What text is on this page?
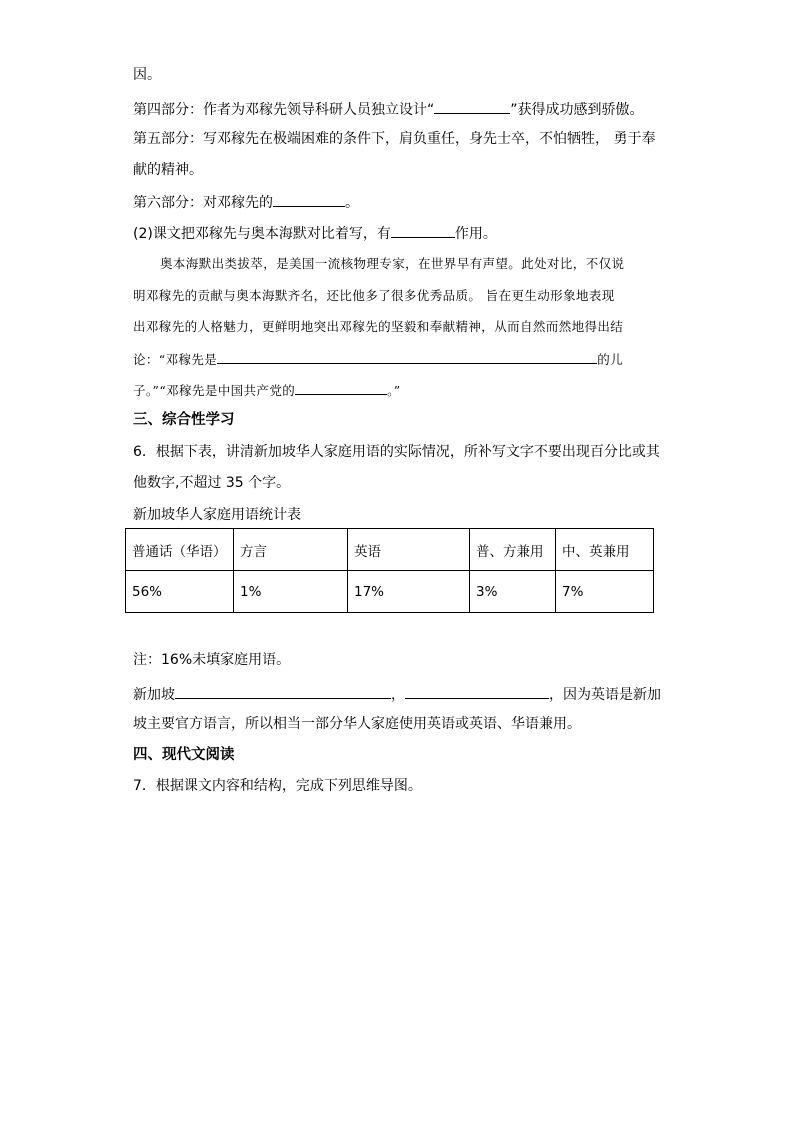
因。
第四部分：作者为邓稼先领导科研人员独立设计“	”获得成功感到骄傲。
第五部分：写邓稼先在极端困难的条件下，肩负重任，身先士卒，不怕牺牲， 勇于奉
献的精神。
第六部分：对邓稼先的	。
(2)课文把邓稼先与奥本海默对比着写，有	作用。
奥本海默出类拔萃，是美国一流核物理专家，在世界早有声望。此处对比，不仅说
明邓稼先的贡献与奥本海默齐名，还比他多了很多优秀品质。 旨在更生动形象地表现
出邓稼先的人格魅力，更鲜明地突出邓稼先的坚毅和奉献精神，从而自然而然地得出结
论：“邓稼先是	的儿
子。”“邓稼先是中国共产党的	。”
三、综合性学习
6．根据下表，讲清新加坡华人家庭用语的实际情况，所补写文字不要出现百分比或其
他数字,不超过 35 个字。
新加坡华人家庭用语统计表
普通话（华语）	方言	英语	普、方兼用	中、英兼用
56%	1%	17%	3%	7%
注：16%未填家庭用语。
新加坡	，	，因为英语是新加
坡主要官方语言，所以相当一部分华人家庭使用英语或英语、华语兼用。
四、现代文阅读
7．根据课文内容和结构，完成下列思维导图。
